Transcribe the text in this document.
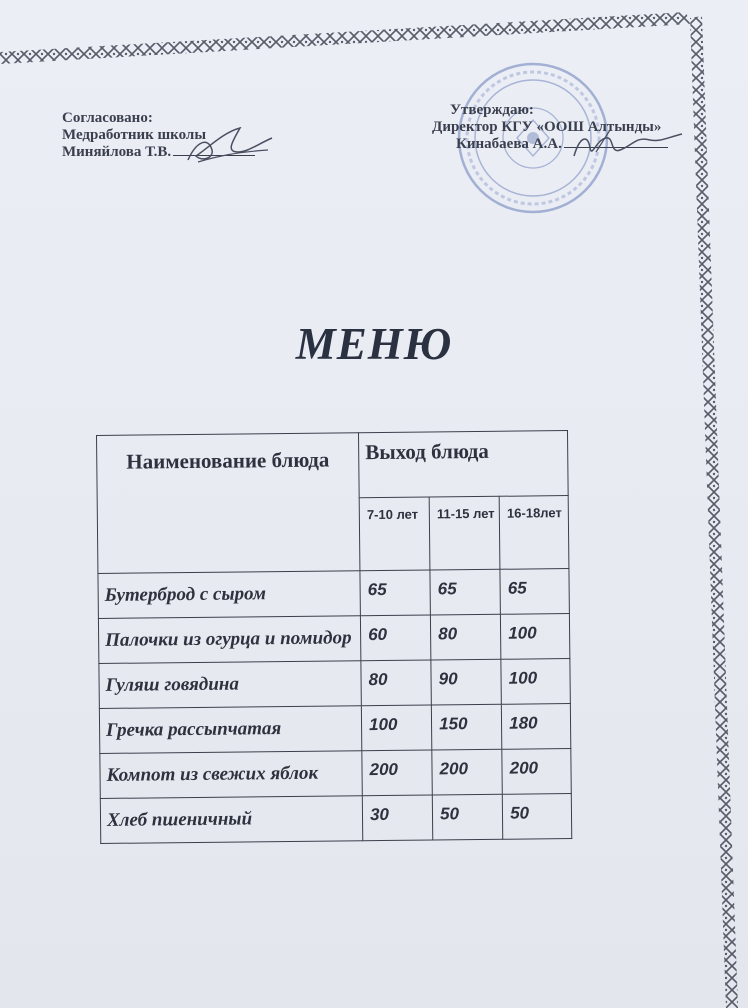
Согласовано:
Медработник школы
Миняйлова Т.В.
Утверждаю:
Директор КГУ «ООШ Алтынды»
Кинабаева А.А.
МЕНЮ
Наименование блюда	Выход блюда		
	7-10 лет	11-15 лет	16-18лет
Бутерброд с сыром	65	65	65
Палочки из огурца и помидор	60	80	100
Гуляш говядина	80	90	100
Гречка рассыпчатая	100	150	180
Компот из свежих яблок	200	200	200
Хлеб пшеничный	30	50	50
